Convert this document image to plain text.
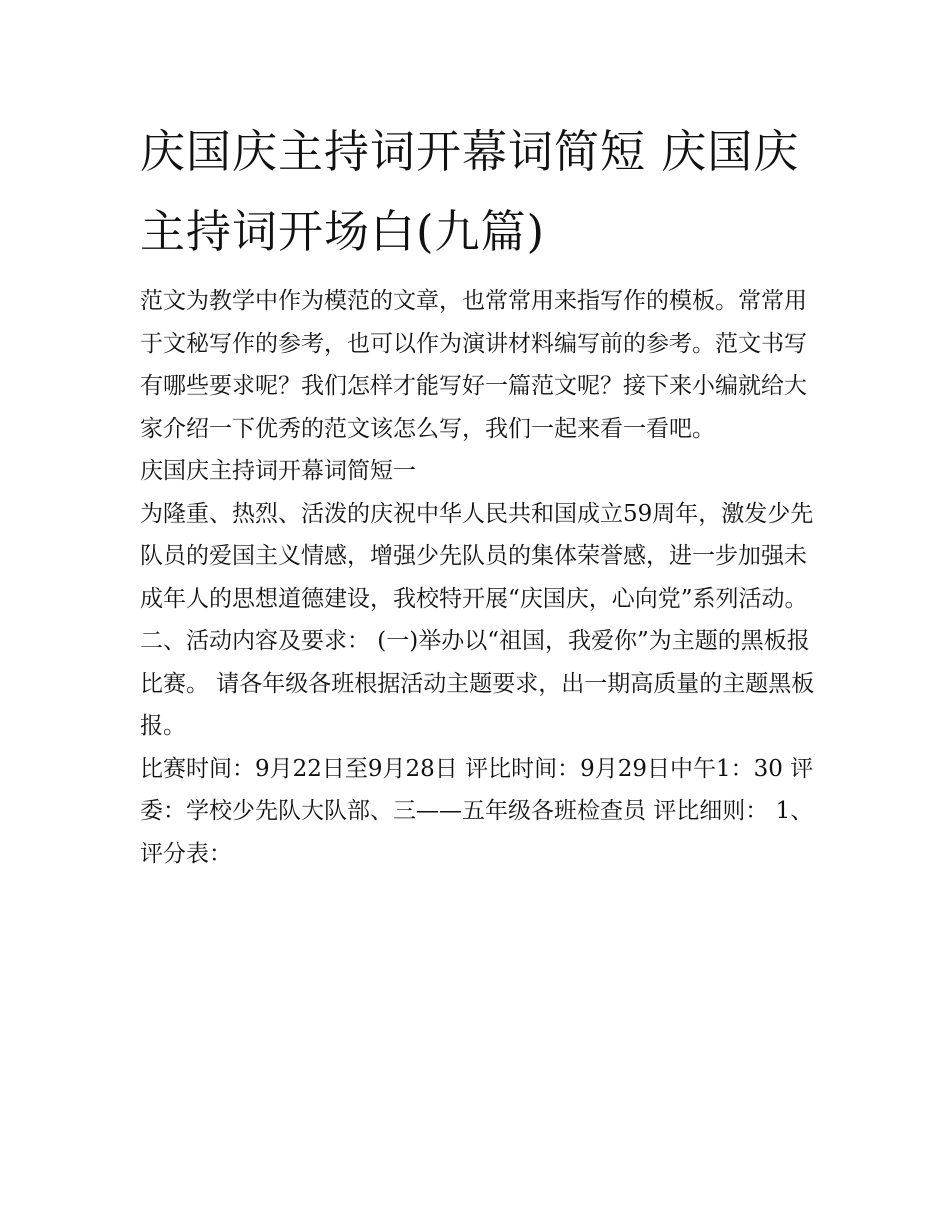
庆国庆主持词开幕词简短 庆国庆主持词开场白(九篇)

范文为教学中作为模范的文章，也常常用来指写作的模板。常常用于文秘写作的参考，也可以作为演讲材料编写前的参考。范文书写有哪些要求呢？我们怎样才能写好一篇范文呢？接下来小编就给大家介绍一下优秀的范文该怎么写，我们一起来看一看吧。

庆国庆主持词开幕词简短一

为隆重、热烈、活泼的庆祝中华人民共和国成立59周年，激发少先队员的爱国主义情感，增强少先队员的集体荣誉感，进一步加强未成年人的思想道德建设，我校特开展“庆国庆，心向党”系列活动。

二、活动内容及要求： (一)举办以“祖国，我爱你”为主题的黑板报比赛。 请各年级各班根据活动主题要求，出一期高质量的主题黑板报。

比赛时间：9月22日至9月28日 评比时间：9月29日中午1：30 评委：学校少先队大队部、三——五年级各班检查员 评比细则： 1、评分表：
